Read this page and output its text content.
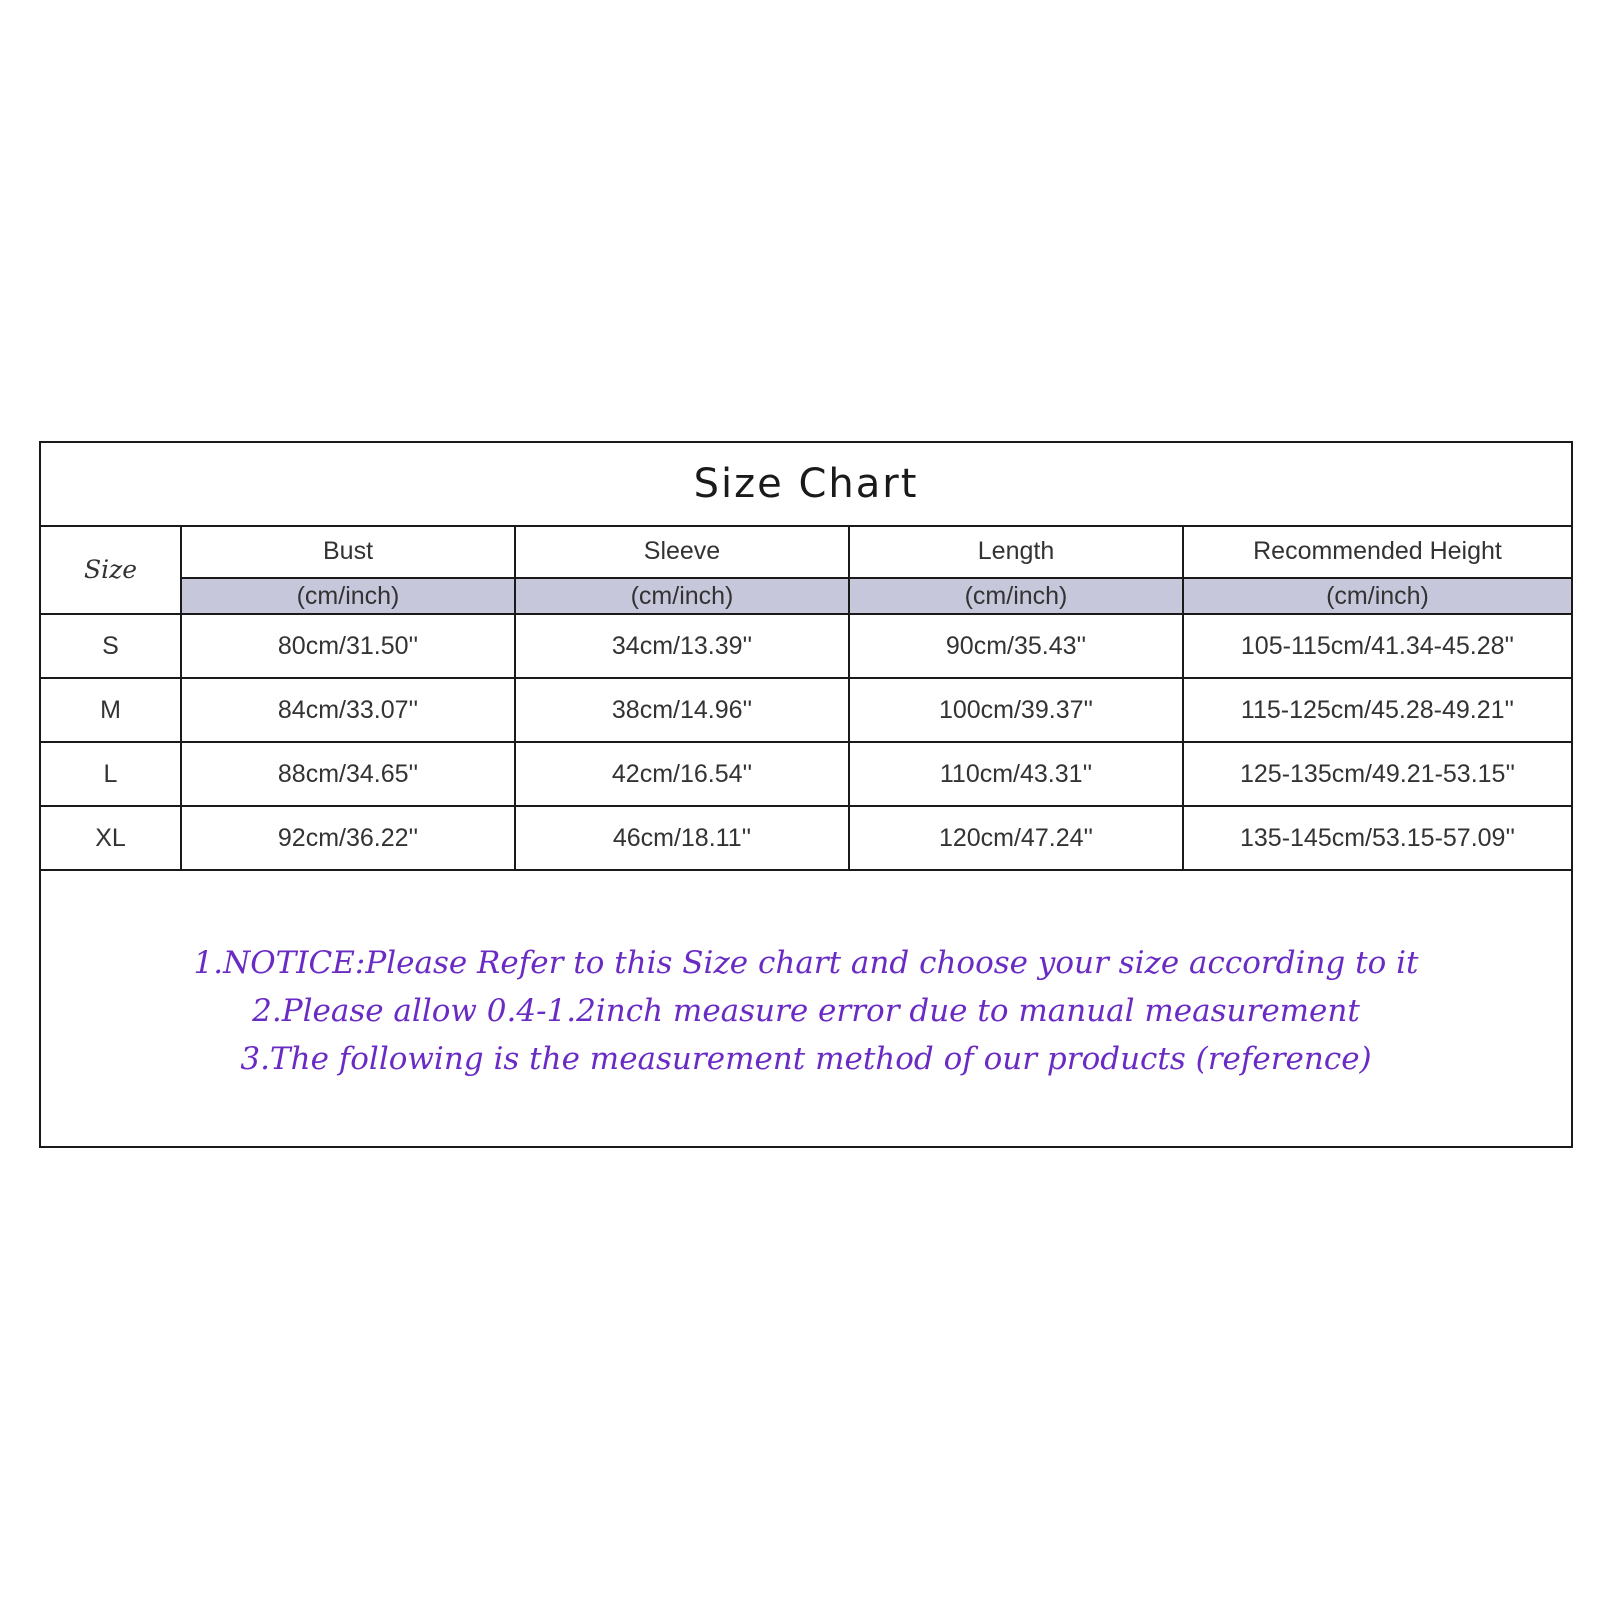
Size Chart
Size	Bust	Sleeve	Length	Recommended Height
	(cm/inch)	(cm/inch)	(cm/inch)	(cm/inch)
S	80cm/31.50''	34cm/13.39''	90cm/35.43''	105-115cm/41.34-45.28''
M	84cm/33.07''	38cm/14.96''	100cm/39.37''	115-125cm/45.28-49.21''
L	88cm/34.65''	42cm/16.54''	110cm/43.31''	125-135cm/49.21-53.15''
XL	92cm/36.22''	46cm/18.11''	120cm/47.24''	135-145cm/53.15-57.09''
1.NOTICE:Please Refer to this Size chart and choose your size according to it
2.Please allow 0.4-1.2inch measure error due to manual measurement
3.The following is the measurement method of our products (reference)
